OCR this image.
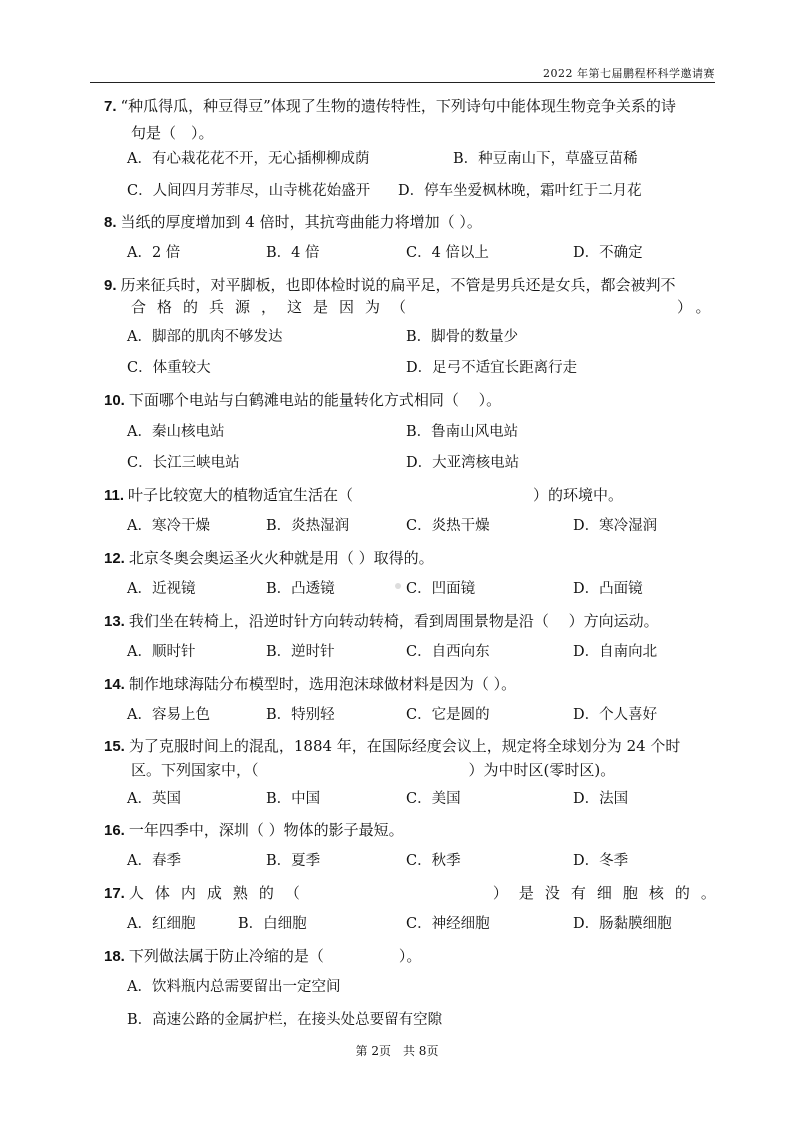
2022 年第七届鹏程杯科学邀请赛
7. “种瓜得瓜，种豆得豆”体现了生物的遗传特性，下列诗句中能体现生物竞争关系的诗
句是（　）。
A．有心栽花花不开，无心插柳柳成荫	B．种豆南山下，草盛豆苗稀
C．人间四月芳菲尽，山寺桃花始盛开 D．停车坐爱枫林晚，霜叶红于二月花
8. 当纸的厚度增加到 4 倍时，其抗弯曲能力将增加（ ）。
A．2 倍	B．4 倍	C．4 倍以上	D．不确定
9. 历来征兵时，对平脚板，也即体检时说的扁平足，不管是男兵还是女兵，都会被判不
合格的兵源，这是因为（　　　　　　　　　　）。
A．脚部的肌肉不够发达	B．脚骨的数量少
C．体重较大	D．足弓不适宜长距离行走
10. 下面哪个电站与白鹤滩电站的能量转化方式相同（　 ）。
A．秦山核电站	B．鲁南山风电站
C．长江三峡电站	D．大亚湾核电站
11. 叶子比较宽大的植物适宜生活在（　　　　　　　　　　　　）的环境中。
A．寒冷干燥	B．炎热湿润	C．炎热干燥	D．寒冷湿润
12. 北京冬奥会奥运圣火火种就是用（ ）取得的。
A．近视镜	B．凸透镜	C．凹面镜	D．凸面镜
13. 我们坐在转椅上，沿逆时针方向转动转椅，看到周围景物是沿（　 ）方向运动。
A．顺时针	B．逆时针	C．自西向东	D．自南向北
14. 制作地球海陆分布模型时，选用泡沫球做材料是因为（ ）。
A．容易上色	B．特别轻	C．它是圆的	D．个人喜好
15. 为了克服时间上的混乱，1884 年，在国际经度会议上，规定将全球划分为 24 个时
区。下列国家中，（　　　　　　　　　　　　　　）为中时区(零时区)。
A．英国	B．中国	C．美国	D．法国
16. 一年四季中，深圳（ ）物体的影子最短。
A．春季	B．夏季	C．秋季	D．冬季
17. 人体内成熟的（　　　　　　　）是没有细胞核的。
A．红细胞	B．白细胞	C．神经细胞	D．肠黏膜细胞
18. 下列做法属于防止冷缩的是（　　　　　）。
A．饮料瓶内总需要留出一定空间
B．高速公路的金属护栏，在接头处总要留有空隙
第 2页　共 8页
